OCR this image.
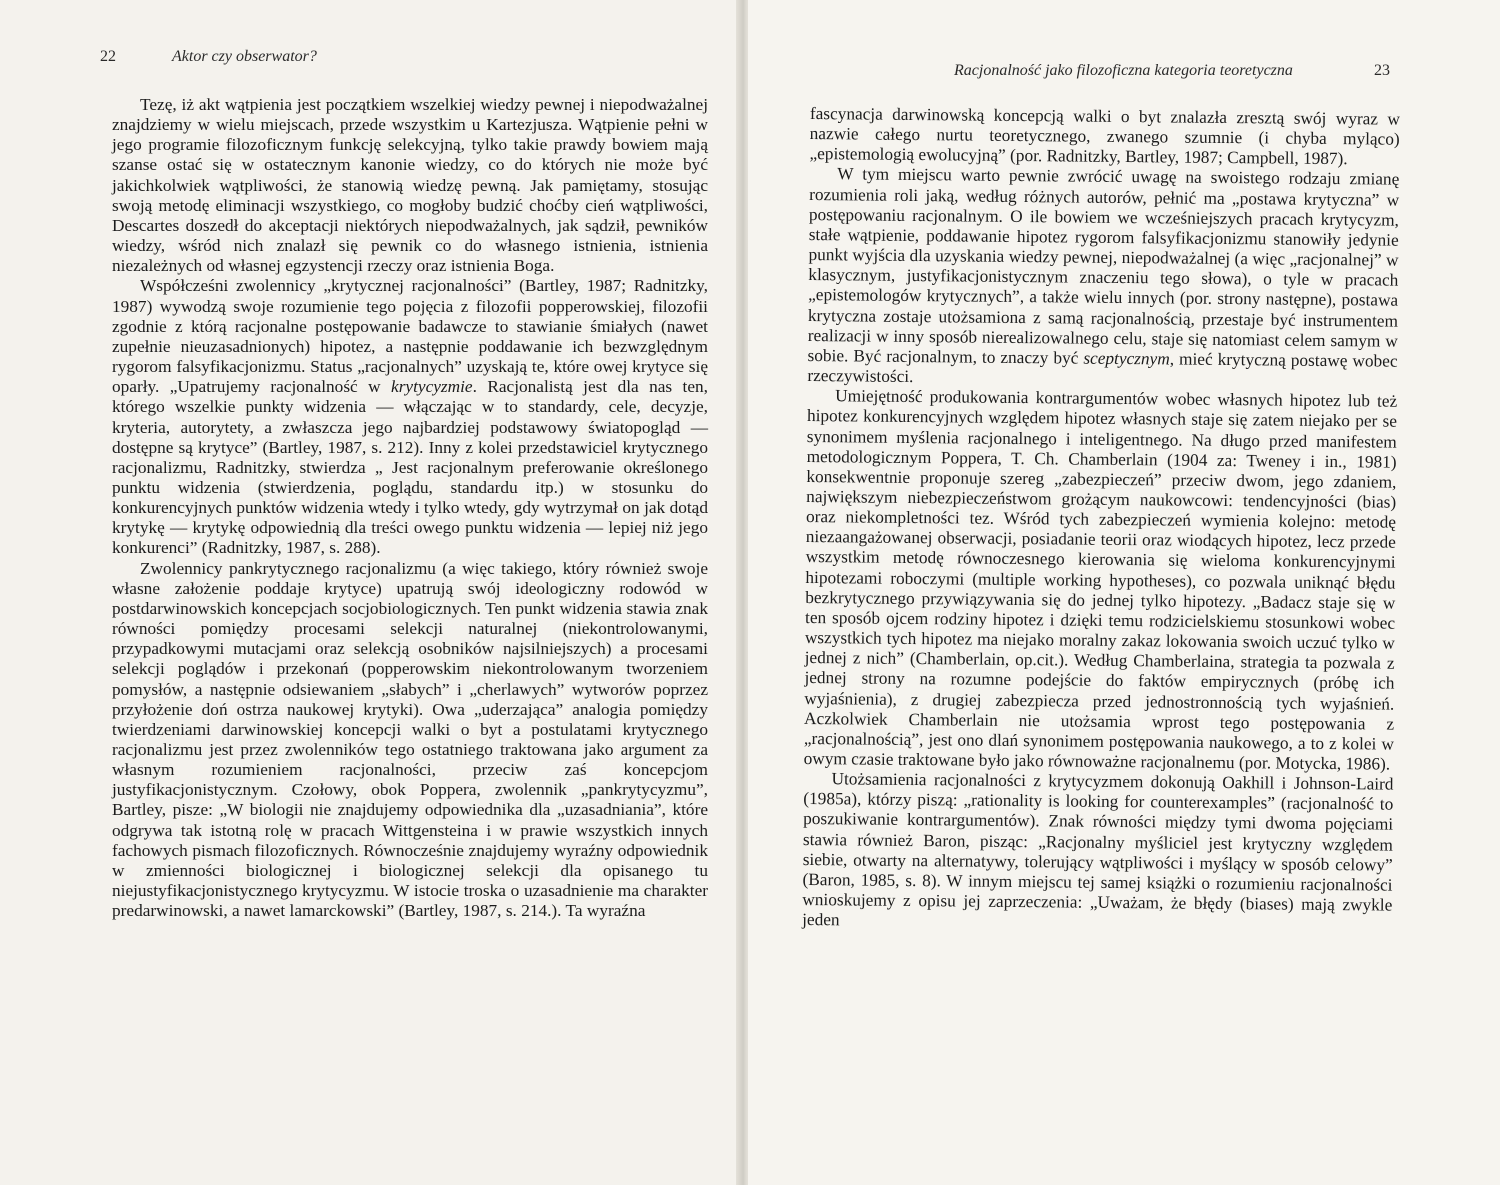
22	Aktor czy obserwator?

Tezę, iż akt wątpienia jest początkiem wszelkiej wiedzy pewnej i niepodważalnej znajdziemy w wielu miejscach, przede wszystkim u Kartezjusza. Wątpienie pełni w jego programie filozoficznym funkcję selekcyjną, tylko takie prawdy bowiem mają szanse ostać się w ostatecznym kanonie wiedzy, co do których nie może być jakichkolwiek wątpliwości, że stanowią wiedzę pewną. Jak pamiętamy, stosując swoją metodę eliminacji wszystkiego, co mogłoby budzić choćby cień wątpliwości, Descartes doszedł do akceptacji niektórych niepodważalnych, jak sądził, pewników wiedzy, wśród nich znalazł się pewnik co do własnego istnienia, istnienia niezależnych od własnej egzystencji rzeczy oraz istnienia Boga.

Współcześni zwolennicy „krytycznej racjonalności” (Bartley, 1987; Radnitzky, 1987) wywodzą swoje rozumienie tego pojęcia z filozofii popperowskiej, filozofii zgodnie z którą racjonalne postępowanie badawcze to stawianie śmiałych (nawet zupełnie nieuzasadnionych) hipotez, a następnie poddawanie ich bezwzględnym rygorom falsyfikacjonizmu. Status „racjonalnych” uzyskają te, które owej krytyce się oparły. „Upatrujemy racjonalność w krytycyzmie. Racjonalistą jest dla nas ten, którego wszelkie punkty widzenia — włączając w to standardy, cele, decyzje, kryteria, autorytety, a zwłaszcza jego najbardziej podstawowy światopogląd — dostępne są krytyce” (Bartley, 1987, s. 212). Inny z kolei przedstawiciel krytycznego racjonalizmu, Radnitzky, stwierdza „ Jest racjonalnym preferowanie określonego punktu widzenia (stwierdzenia, poglądu, standardu itp.) w stosunku do konkurencyjnych punktów widzenia wtedy i tylko wtedy, gdy wytrzymał on jak dotąd krytykę — krytykę odpowiednią dla treści owego punktu widzenia — lepiej niż jego konkurenci” (Radnitzky, 1987, s. 288).

Zwolennicy pankrytycznego racjonalizmu (a więc takiego, który również swoje własne założenie poddaje krytyce) upatrują swój ideologiczny rodowód w postdarwinowskich koncepcjach socjobiologicznych. Ten punkt widzenia stawia znak równości pomiędzy procesami selekcji naturalnej (niekontrolowanymi, przypadkowymi mutacjami oraz selekcją osobników najsilniejszych) a procesami selekcji poglądów i przekonań (popperowskim niekontrolowanym tworzeniem pomysłów, a następnie odsiewaniem „słabych” i „cherlawych” wytworów poprzez przyłożenie doń ostrza naukowej krytyki). Owa „uderzająca” analogia pomiędzy twierdzeniami darwinowskiej koncepcji walki o byt a postulatami krytycznego racjonalizmu jest przez zwolenników tego ostatniego traktowana jako argument za własnym rozumieniem racjonalności, przeciw zaś koncepcjom justyfikacjonistycznym. Czołowy, obok Poppera, zwolennik „pankrytycyzmu”, Bartley, pisze: „W biologii nie znajdujemy odpowiednika dla „uzasadniania”, które odgrywa tak istotną rolę w pracach Wittgensteina i w prawie wszystkich innych fachowych pismach filozoficznych. Równocześnie znajdujemy wyraźny odpowiednik w zmienności biologicznej i biologicznej selekcji dla opisanego tu niejustyfikacjonistycznego krytycyzmu. W istocie troska o uzasadnienie ma charakter predarwinowski, a nawet lamarckowski” (Bartley, 1987, s. 214.). Ta wyraźna

Racjonalność jako filozoficzna kategoria teoretyczna	23

fascynacja darwinowską koncepcją walki o byt znalazła zresztą swój wyraz w nazwie całego nurtu teoretycznego, zwanego szumnie (i chyba myląco) „epistemologią ewolucyjną” (por. Radnitzky, Bartley, 1987; Campbell, 1987).

W tym miejscu warto pewnie zwrócić uwagę na swoistego rodzaju zmianę rozumienia roli jaką, według różnych autorów, pełnić ma „postawa krytyczna” w postępowaniu racjonalnym. O ile bowiem we wcześniejszych pracach krytycyzm, stałe wątpienie, poddawanie hipotez rygorom falsyfikacjonizmu stanowiły jedynie punkt wyjścia dla uzyskania wiedzy pewnej, niepodważalnej (a więc „racjonalnej” w klasycznym, justyfikacjonistycznym znaczeniu tego słowa), o tyle w pracach „epistemologów krytycznych”, a także wielu innych (por. strony następne), postawa krytyczna zostaje utożsamiona z samą racjonalnością, przestaje być instrumentem realizacji w inny sposób nierealizowalnego celu, staje się natomiast celem samym w sobie. Być racjonalnym, to znaczy być sceptycznym, mieć krytyczną postawę wobec rzeczywistości.

Umiejętność produkowania kontrargumentów wobec własnych hipotez lub też hipotez konkurencyjnych względem hipotez własnych staje się zatem niejako per se synonimem myślenia racjonalnego i inteligentnego. Na długo przed manifestem metodologicznym Poppera, T. Ch. Chamberlain (1904 za: Tweney i in., 1981) konsekwentnie proponuje szereg „zabezpieczeń” przeciw dwom, jego zdaniem, największym niebezpieczeństwom grożącym naukowcowi: tendencyjności (bias) oraz niekompletności tez. Wśród tych zabezpieczeń wymienia kolejno: metodę niezaangażowanej obserwacji, posiadanie teorii oraz wiodących hipotez, lecz przede wszystkim metodę równoczesnego kierowania się wieloma konkurencyjnymi hipotezami roboczymi (multiple working hypotheses), co pozwala uniknąć błędu bezkrytycznego przywiązywania się do jednej tylko hipotezy. „Badacz staje się w ten sposób ojcem rodziny hipotez i dzięki temu rodzicielskiemu stosunkowi wobec wszystkich tych hipotez ma niejako moralny zakaz lokowania swoich uczuć tylko w jednej z nich” (Chamberlain, op.cit.). Według Chamberlaina, strategia ta pozwala z jednej strony na rozumne podejście do faktów empirycznych (próbę ich wyjaśnienia), z drugiej zabezpiecza przed jednostronnością tych wyjaśnień. Aczkolwiek Chamberlain nie utożsamia wprost tego postępowania z „racjonalnością”, jest ono dlań synonimem postępowania naukowego, a to z kolei w owym czasie traktowane było jako równoważne racjonalnemu (por. Motycka, 1986).

Utożsamienia racjonalności z krytycyzmem dokonują Oakhill i Johnson-Laird (1985a), którzy piszą: „rationality is looking for counterexamples” (racjonalność to poszukiwanie kontrargumentów). Znak równości między tymi dwoma pojęciami stawia również Baron, pisząc: „Racjonalny myśliciel jest krytyczny względem siebie, otwarty na alternatywy, tolerujący wątpliwości i myślący w sposób celowy” (Baron, 1985, s. 8). W innym miejscu tej samej książki o rozumieniu racjonalności wnioskujemy z opisu jej zaprzeczenia: „Uważam, że błędy (biases) mają zwykle jeden
